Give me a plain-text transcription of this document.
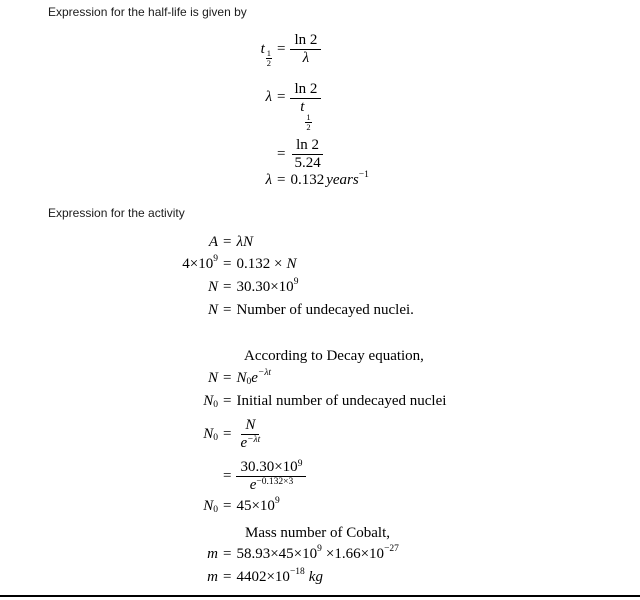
Expression for the half-life is given by
t
$\frac{1}{2}$
= $\frac{\ln 2}{\lambda}$
λ = ln 2
t
$\frac{1}{2}$
= $\frac{\ln 2}{5.24}$
λ = 0.132 years −1
Expression for the activity
A = λN
4×10 9 = 0.132 × N
N = 30.30×10 9
N = Number of undecayed nuclei.
According to Decay equation,
N = N 0 e −λt
N 0 = Initial number of undecayed nuclei
N $0 = \frac{N}{e^{-\lambda t}}$
= $\frac{30.30\times 10^9}{e^{-0.132\times 3}}$
N 0 = 45×10 9
Mass number of Cobalt,
m = 58.93×45×10 9 ×1.66×10 −27
m = 4402×10 −18 kg
